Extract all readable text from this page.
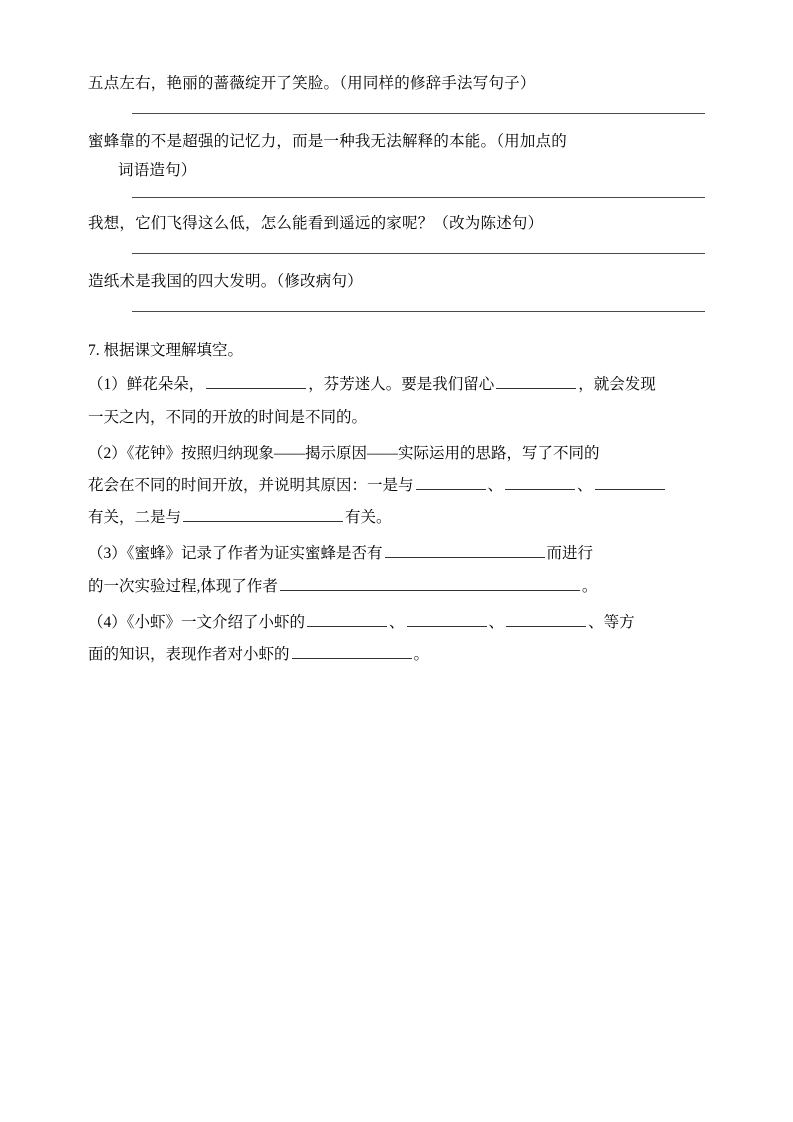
五点左右，艳丽的蔷薇绽开了笑脸。（用同样的修辞手法写句子）
蜜蜂靠的不是超强的记忆力，而是一种我无法解释的本能。（用加点的
词语造句）
我想，它们飞得这么低，怎么能看到遥远的家呢？（改为陈述句）
造纸术是我国的四大发明。（修改病句）
7. 根据课文理解填空。
（1）鲜花朵朵，	，芬芳迷人。要是我们留心	，就会发现
一天之内，不同的开放的时间是不同的。
（2）《花钟》按照归纳现象——揭示原因——实际运用的思路，写了不同的
花会在不同的时间开放，并说明其原因：一是与	、	、
有关，二是与	有关。
（3）《蜜蜂》记录了作者为证实蜜蜂是否有	而进行
的一次实验过程,体现了作者	。
（4）《小虾》一文介绍了小虾的	、	、	、等方
面的知识，表现作者对小虾的	。
